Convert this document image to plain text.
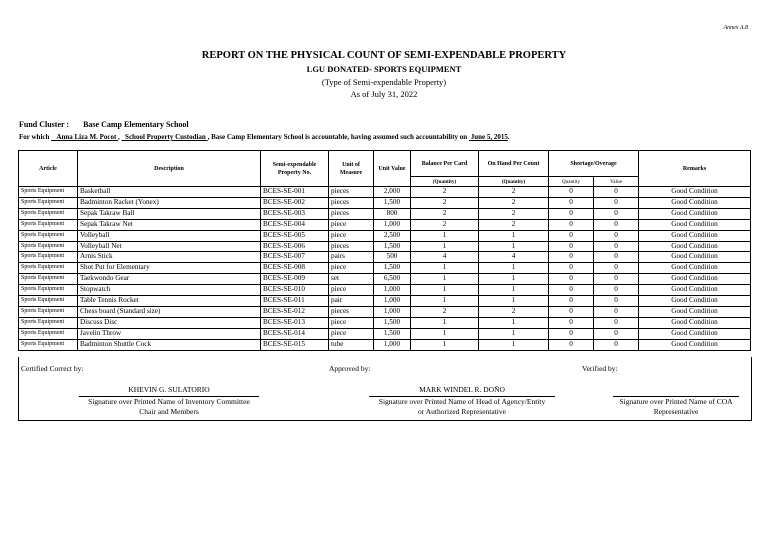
Annex A.8
REPORT ON THE PHYSICAL COUNT OF SEMI-EXPENDABLE PROPERTY
LGU DONATED- SPORTS EQUIPMENT
(Type of Semi-expendable Property)
As of July 31, 2022
Fund Cluster : Base Camp Elementary School
For which Anna Liza M. Pocot , School Property Custodian , Base Camp Elementary School is accountable, having assumed such accountability on June 5, 2015.
Article	Description	Semi-expendable Property No.	Unit of Measure	Unit Value	Balance Per Card	On Hand Per Count	Shortage/Overage		Remarks
					(Quantity)	(Quantity)	Quantity	Value	
Sports Equipment	Basketball	BCES-SE-001	pieces	2,000	2	2	0	0	Good Condition
Sports Equipment	Badminton Racket (Yonex)	BCES-SE-002	pieces	1,500	2	2	0	0	Good Condition
Sports Equipment	Sepak Takraw Ball	BCES-SE-003	pieces	800	2	2	0	0	Good Condition
Sports Equipment	Sepak Takraw Net	BCES-SE-004	piece	1,000	2	2	0	0	Good Condition
Sports Equipment	Volleyball	BCES-SE-005	piece	2,500	1	1	0	0	Good Condition
Sports Equipment	Volleyball Net	BCES-SE-006	pieces	1,500	1	1	0	0	Good Condition
Sports Equipment	Arnis Stick	BCES-SE-007	pairs	500	4	4	0	0	Good Condition
Sports Equipment	Shot Put for Elementary	BCES-SE-008	piece	1,500	1	1	0	0	Good Condition
Sports Equipment	Taekwondo Gear	BCES-SE-009	set	6,500	1	1	0	0	Good Condition
Sports Equipment	Stopwatch	BCES-SE-010	piece	1,000	1	1	0	0	Good Condition
Sports Equipment	Table Tennis Rocket	BCES-SE-011	pair	1,000	1	1	0	0	Good Condition
Sports Equipment	Chess board (Standard size)	BCES-SE-012	pieces	1,000	2	2	0	0	Good Condition
Sports Equipment	Discuss Disc	BCES-SE-013	piece	1,500	1	1	0	0	Good Condition
Sports Equipment	Javelin Throw	BCES-SE-014	piece	1,500	1	1	0	0	Good Condition
Sports Equipment	Badminton Shuttle Cock	BCES-SE-015	tube	1,000	1	1	0	0	Good Condition
Certified Correct by:	Approved by:	Verified by:
KHEVIN G. SULATORIO
Signature over Printed Name of Inventory Committee
Chair and Members
MARK WINDEL R. DOÑO
Signature over Printed Name of Head of Agency/Entity
or Authorized Representative
Signature over Printed Name of COA
Representative
